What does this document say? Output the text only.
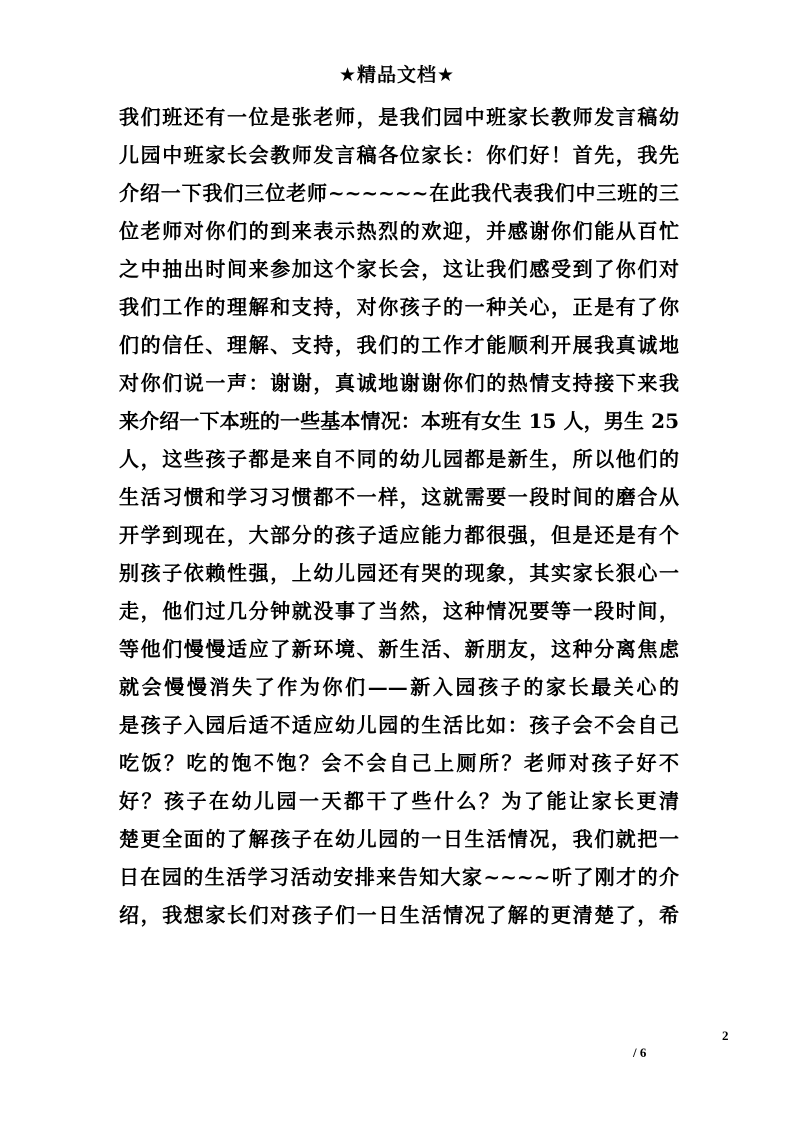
★精品文档★
我们班还有一位是张老师，是我们园中班家长教师发言稿幼
儿园中班家长会教师发言稿各位家长：你们好！首先，我先
介绍一下我们三位老师~~~~~~在此我代表我们中三班的三
位老师对你们的到来表示热烈的欢迎，并感谢你们能从百忙
之中抽出时间来参加这个家长会，这让我们感受到了你们对
我们工作的理解和支持，对你孩子的一种关心，正是有了你
们的信任、理解、支持，我们的工作才能顺利开展我真诚地
对你们说一声：谢谢，真诚地谢谢你们的热情支持接下来我
来介绍一下本班的一些基本情况：本班有女生 15 人，男生 25
人，这些孩子都是来自不同的幼儿园都是新生，所以他们的
生活习惯和学习习惯都不一样，这就需要一段时间的磨合从
开学到现在，大部分的孩子适应能力都很强，但是还是有个
别孩子依赖性强，上幼儿园还有哭的现象，其实家长狠心一
走，他们过几分钟就没事了当然，这种情况要等一段时间，
等他们慢慢适应了新环境、新生活、新朋友，这种分离焦虑
就会慢慢消失了作为你们——新入园孩子的家长最关心的
是孩子入园后适不适应幼儿园的生活比如：孩子会不会自己
吃饭？吃的饱不饱？会不会自己上厕所？老师对孩子好不
好？孩子在幼儿园一天都干了些什么？为了能让家长更清
楚更全面的了解孩子在幼儿园的一日生活情况，我们就把一
日在园的生活学习活动安排来告知大家~~~~听了刚才的介
绍，我想家长们对孩子们一日生活情况了解的更清楚了，希
2
/ 6
